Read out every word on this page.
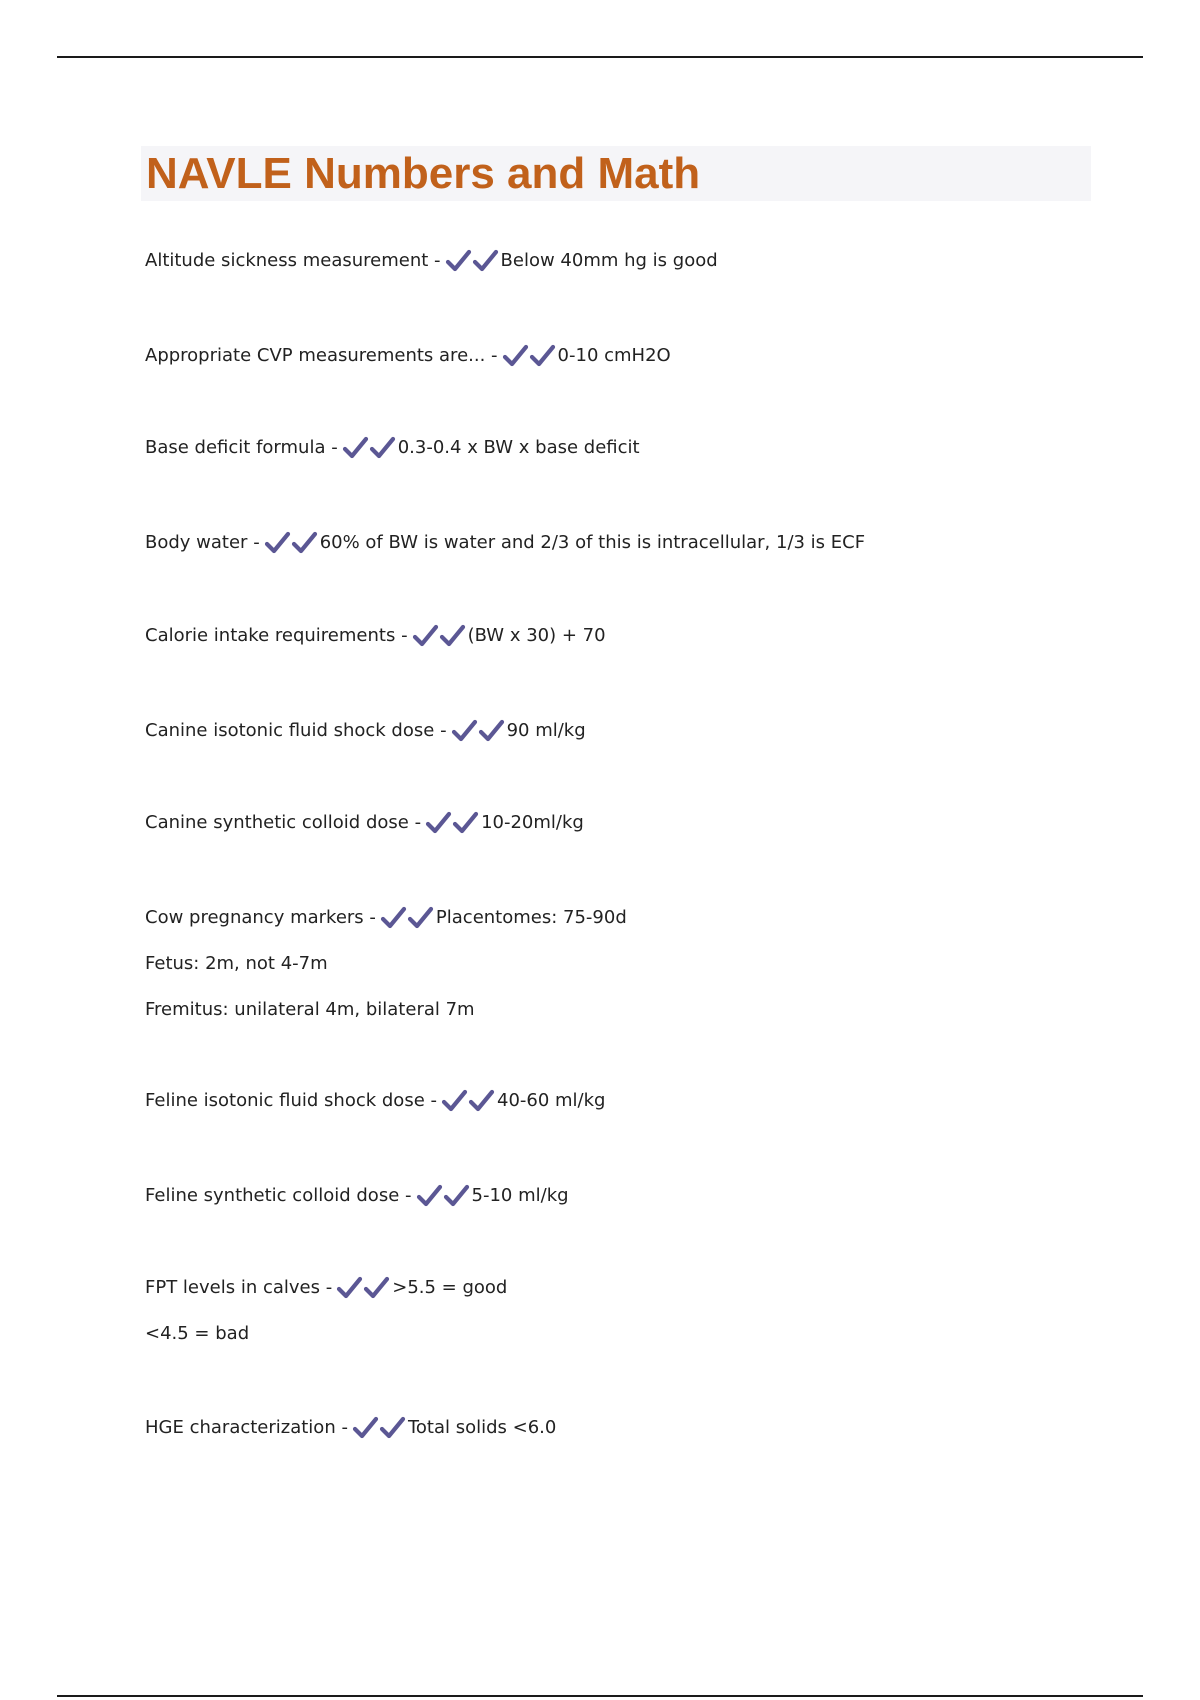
NAVLE Numbers and Math
Altitude sickness measurement -	Below 40mm hg is good
Appropriate CVP measurements are... -	0-10 cmH2O
Base deficit formula -	0.3-0.4 x BW x base deficit
Body water -	60% of BW is water and 2/3 of this is intracellular, 1/3 is ECF
Calorie intake requirements -	(BW x 30) + 70
Canine isotonic fluid shock dose -	90 ml/kg
Canine synthetic colloid dose -	10-20ml/kg
Cow pregnancy markers -	Placentomes: 75-90d
Fetus: 2m, not 4-7m
Fremitus: unilateral 4m, bilateral 7m
Feline isotonic fluid shock dose -	40-60 ml/kg
Feline synthetic colloid dose -	5-10 ml/kg
FPT levels in calves -	>5.5 = good
<4.5 = bad
HGE characterization -	Total solids <6.0
